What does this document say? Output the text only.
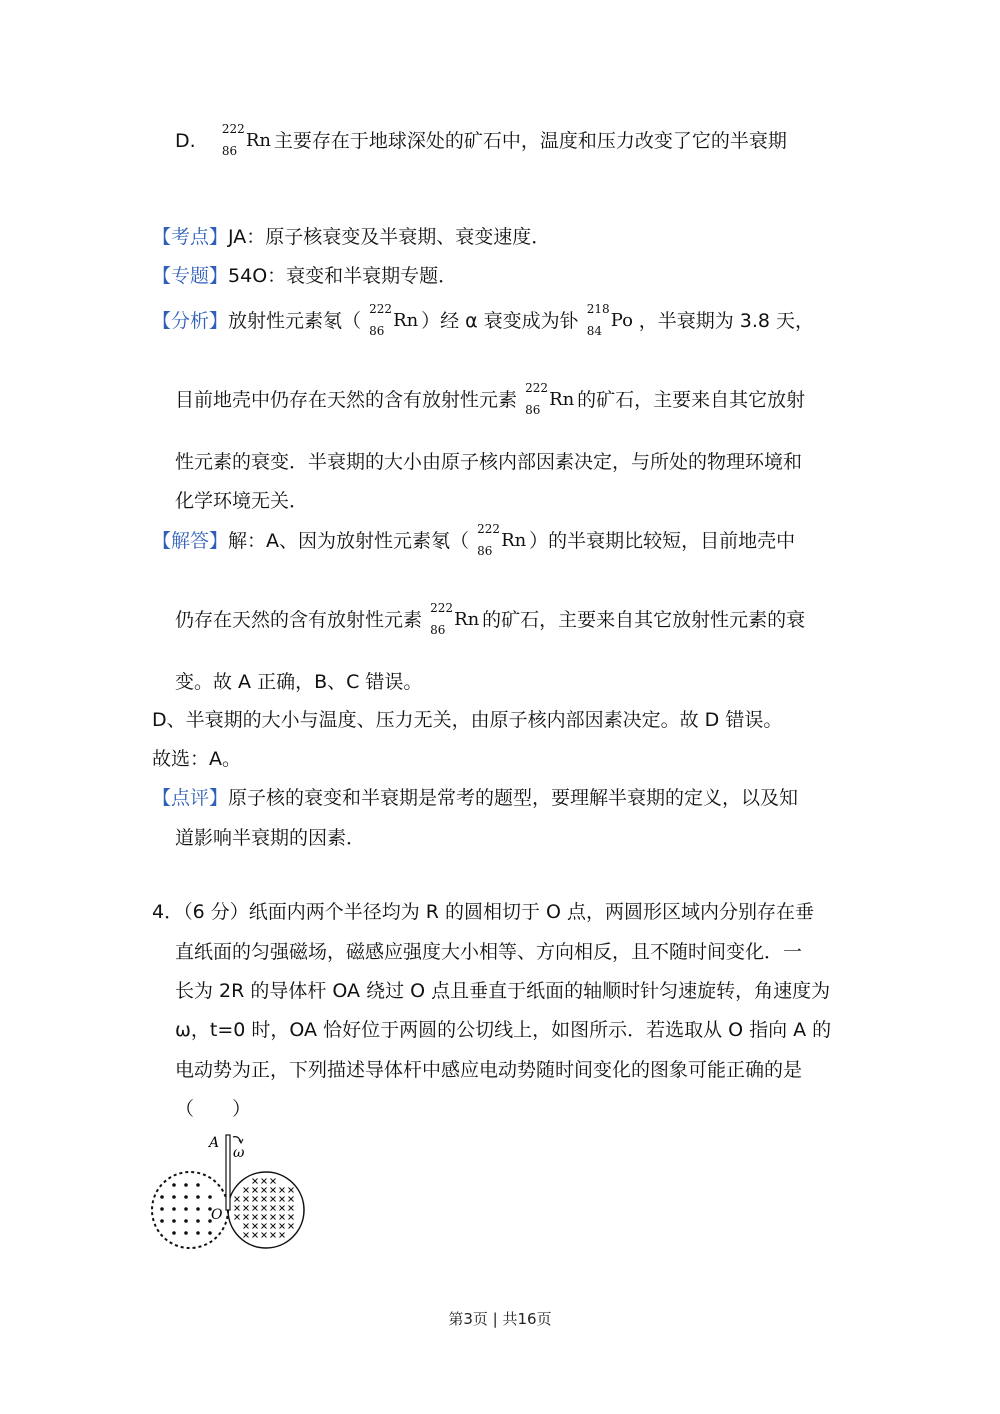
D.
222
86 Rn 主要存在于地球深处的矿石中，温度和压力改变了它的半衰期
【考点】JA：原子核衰变及半衰期、衰变速度．
【专题】54O：衰变和半衰期专题．
【分析】放射性元素氡（
222
86 Rn ）经 α 衰变成为钋
218
84 Po ，半衰期为 3.8 天，
目前地壳中仍存在天然的含有放射性元素
222
86 Rn 的矿石，主要来自其它放射
性元素的衰变．半衰期的大小由原子核内部因素决定，与所处的物理环境和
化学环境无关．
【解答】解：A、因为放射性元素氡（
222
86 Rn ）的半衰期比较短，目前地壳中
仍存在天然的含有放射性元素
222
86 Rn 的矿石，主要来自其它放射性元素的衰
变。故 A 正确，B、C 错误。
D、半衰期的大小与温度、压力无关，由原子核内部因素决定。故 D 错误。
故选：A。
【点评】原子核的衰变和半衰期是常考的题型，要理解半衰期的定义，以及知
道影响半衰期的因素．
4．（6 分）纸面内两个半径均为 R 的圆相切于 O 点，两圆形区域内分别存在垂
直纸面的匀强磁场，磁感应强度大小相等、方向相反，且不随时间变化．一
长为 2R 的导体杆 OA 绕过 O 点且垂直于纸面的轴顺时针匀速旋转，角速度为
ω，t=0 时，OA 恰好位于两圆的公切线上，如图所示．若选取从 O 指向 A 的
电动势为正，下列描述导体杆中感应电动势随时间变化的图象可能正确的是
（　　）
A
ω
O
第3页 | 共16页
